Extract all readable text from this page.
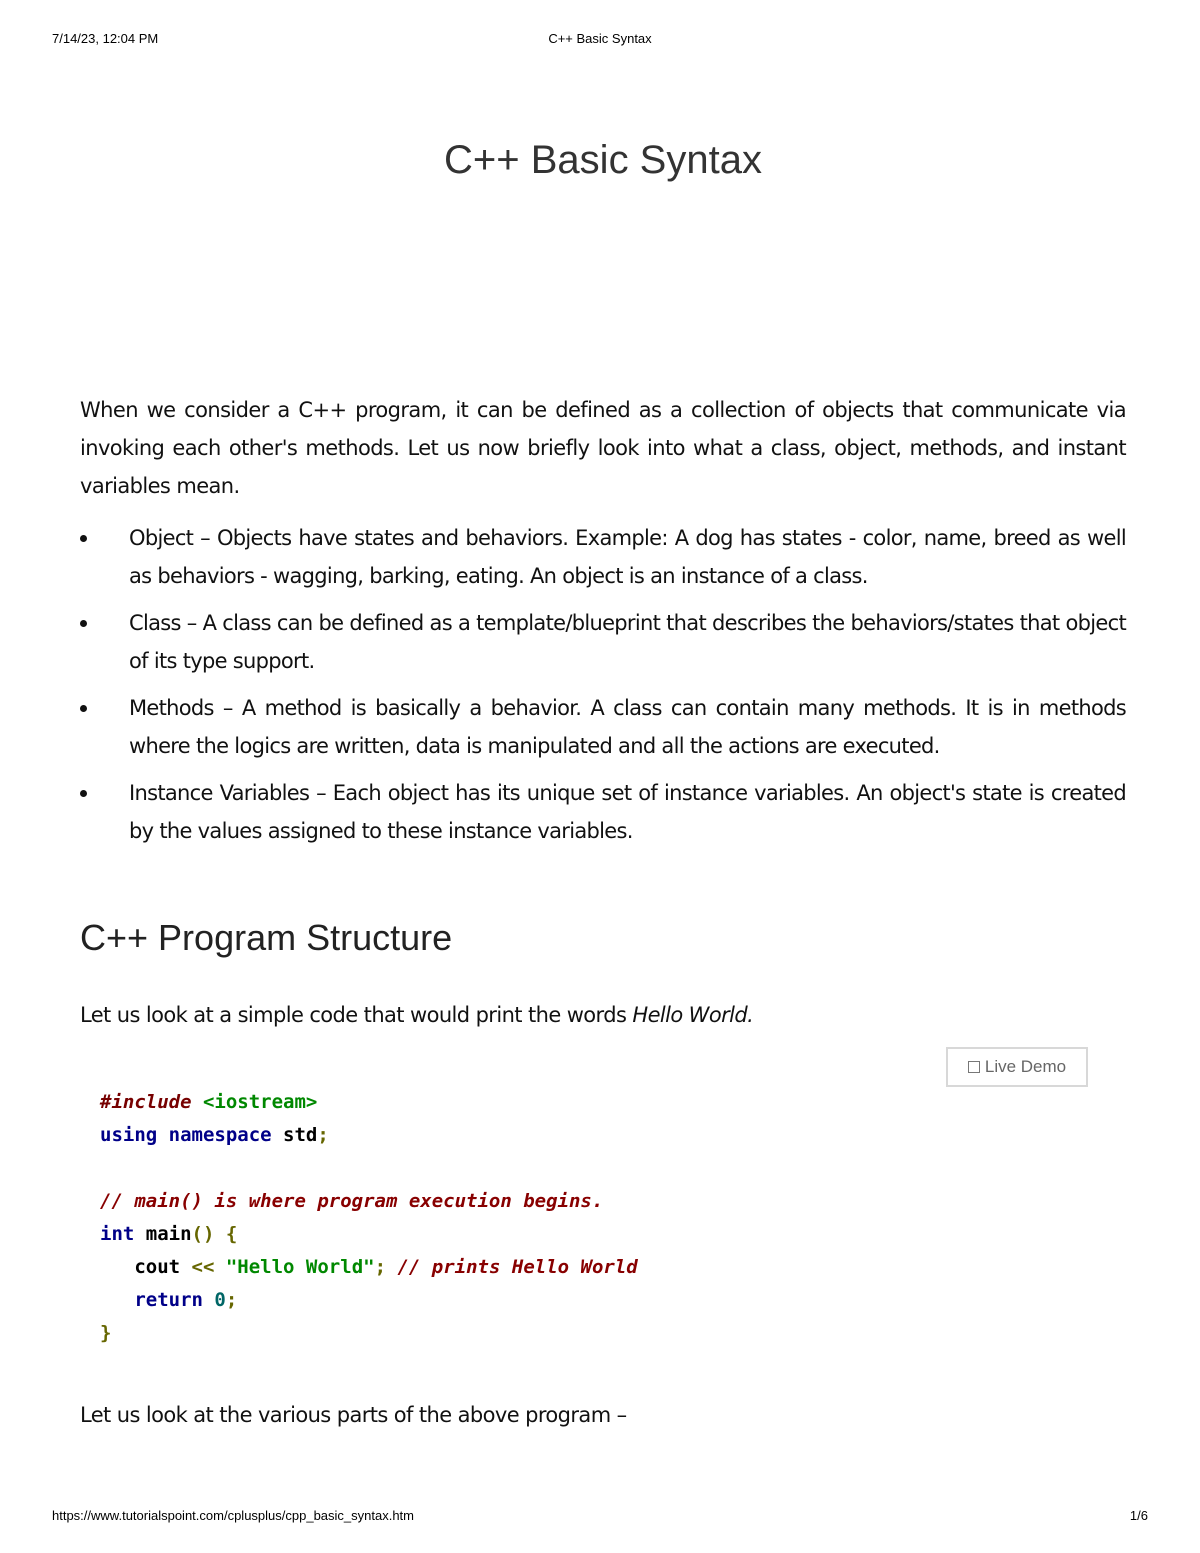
7/14/23, 12:04 PM	C++ Basic Syntax
C++ Basic Syntax

When we consider a C++ program, it can be defined as a collection of objects that communicate via invoking each other's methods. Let us now briefly look into what a class, object, methods, and instant variables mean.

Object – Objects have states and behaviors. Example: A dog has states - color, name, breed as well as behaviors - wagging, barking, eating. An object is an instance of a class.
Class – A class can be defined as a template/blueprint that describes the behaviors/states that object of its type support.
Methods – A method is basically a behavior. A class can contain many methods. It is in methods where the logics are written, data is manipulated and all the actions are executed.
Instance Variables – Each object has its unique set of instance variables. An object's state is created by the values assigned to these instance variables.
C++ Program Structure

Let us look at a simple code that would print the words Hello World.

Live Demo
#include <iostream>
using namespace std;

// main() is where program execution begins.
int main() {
cout << "Hello World"; // prints Hello World
return 0;
}

Let us look at the various parts of the above program –

https://www.tutorialspoint.com/cplusplus/cpp_basic_syntax.htm	1/6
